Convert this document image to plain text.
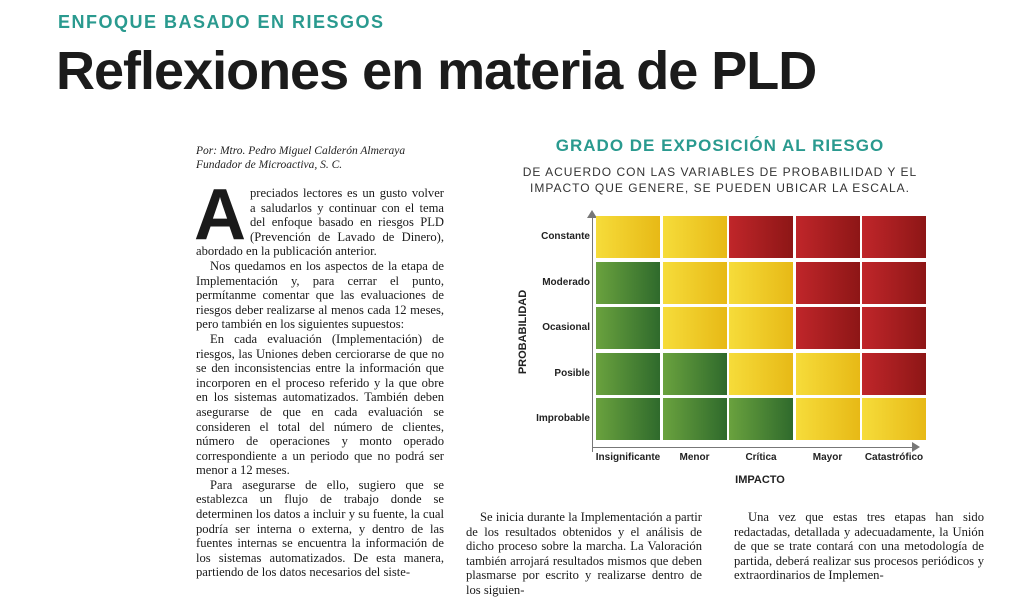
ENFOQUE BASADO EN RIESGOS
Reflexiones en materia de PLD
Por: Mtro. Pedro Miguel Calderón Almeraya
Fundador de Microactiva, S. C.

Apreciados lectores es un gusto volver a saludarlos y continuar con el tema del enfoque basado en riesgos PLD (Prevención de Lavado de Dinero), abordado en la publicación anterior.

Nos quedamos en los aspectos de la etapa de Implementación y, para cerrar el punto, permítanme comentar que las evaluaciones de riesgos deber realizarse al menos cada 12 meses, pero también en los siguientes supuestos:

En cada evaluación (Implementación) de riesgos, las Uniones deben cerciorarse de que no se den inconsistencias entre la información que incorporen en el proceso referido y la que obre en los sistemas automatizados. También deben asegurarse de que en cada evaluación se consideren el total del número de clientes, número de operaciones y monto operado correspondiente a un periodo que no podrá ser menor a 12 meses.

Para asegurarse de ello, sugiero que se establezca un flujo de trabajo donde se determinen los datos a incluir y su fuente, la cual podría ser interna o externa, y dentro de las fuentes internas se encuentra la información de los sistemas automatizados. De esta manera, partiendo de los datos necesarios del siste-

GRADO DE EXPOSICIÓN AL RIESGO
DE ACUERDO CON LAS VARIABLES DE PROBABILIDAD Y EL
IMPACTO QUE GENERE, SE PUEDEN UBICAR LA ESCALA.
Constante
Moderado
Ocasional
Posible
Improbable
Insignificante	Menor	Crítica	Mayor	Catastrófico
PROBABILIDAD
IMPACTO

Se inicia durante la Implementación a partir de los resultados obtenidos y el análisis de dicho proceso sobre la marcha. La Valoración también arrojará resultados mismos que deben plasmarse por escrito y realizarse dentro de los siguien-

Una vez que estas tres etapas han sido redactadas, detallada y adecuadamente, la Unión de que se trate contará con una metodología de partida, deberá realizar sus procesos periódicos y extraordinarios de Implemen-
